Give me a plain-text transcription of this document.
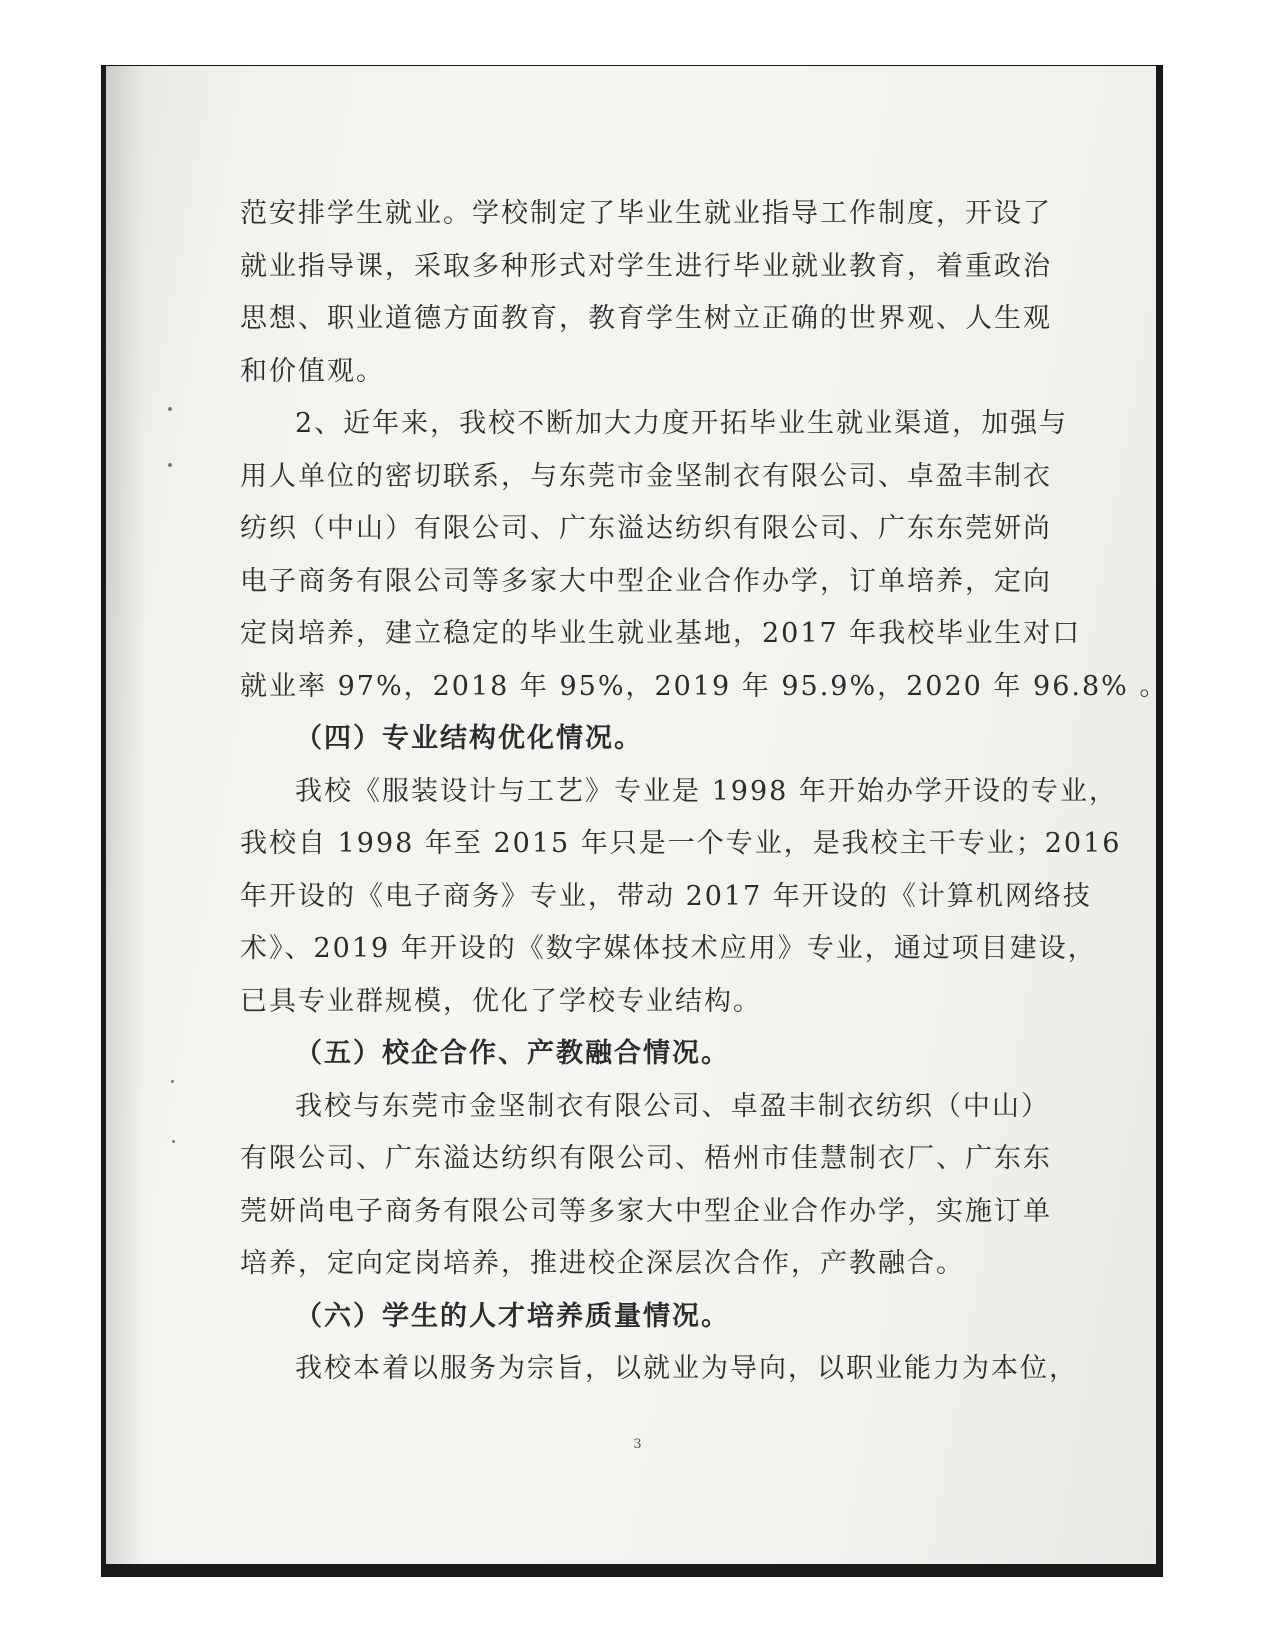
范安排学生就业。学校制定了毕业生就业指导工作制度，开设了
就业指导课，采取多种形式对学生进行毕业就业教育，着重政治
思想、职业道德方面教育，教育学生树立正确的世界观、人生观
和价值观。
2、近年来，我校不断加大力度开拓毕业生就业渠道，加强与
用人单位的密切联系，与东莞市金坚制衣有限公司、卓盈丰制衣
纺织（中山）有限公司、广东溢达纺织有限公司、广东东莞妍尚
电子商务有限公司等多家大中型企业合作办学，订单培养，定向
定岗培养，建立稳定的毕业生就业基地，2017 年我校毕业生对口
就业率 97%，2018 年 95%，2019 年 95.9%，2020 年 96.8% 。
（四）专业结构优化情况。
我校《服装设计与工艺》专业是 1998 年开始办学开设的专业，
我校自 1998 年至 2015 年只是一个专业，是我校主干专业；2016
年开设的《电子商务》专业，带动 2017 年开设的《计算机网络技
术》、2019 年开设的《数字媒体技术应用》专业，通过项目建设，
已具专业群规模，优化了学校专业结构。
（五）校企合作、产教融合情况。
我校与东莞市金坚制衣有限公司、卓盈丰制衣纺织（中山）
有限公司、广东溢达纺织有限公司、梧州市佳慧制衣厂、广东东
莞妍尚电子商务有限公司等多家大中型企业合作办学，实施订单
培养，定向定岗培养，推进校企深层次合作，产教融合。
（六）学生的人才培养质量情况。
我校本着以服务为宗旨，以就业为导向，以职业能力为本位，
3
